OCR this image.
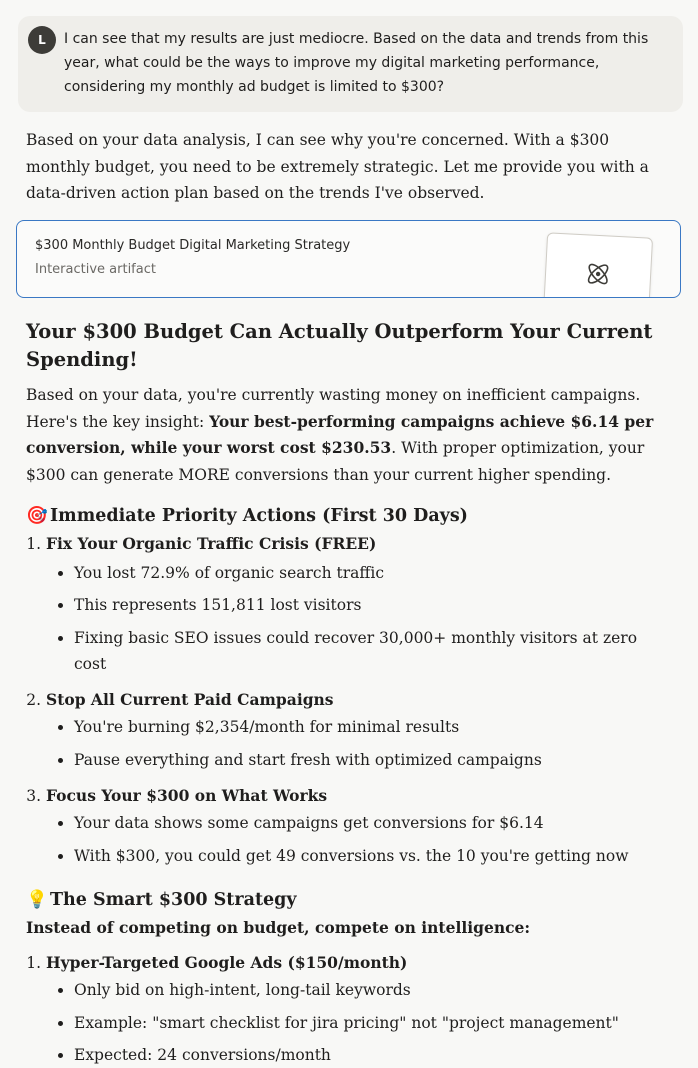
L	I can see that my results are just mediocre. Based on the data and trends from this
year, what could be the ways to improve my digital marketing performance,
considering my monthly ad budget is limited to $300?

Based on your data analysis, I can see why you're concerned. With a $300 monthly budget, you need to be extremely strategic. Let me provide you with a data-driven action plan based on the trends I've observed.

$300 Monthly Budget Digital Marketing Strategy
Interactive artifact
Your $300 Budget Can Actually Outperform Your Current Spending!

Based on your data, you're currently wasting money on inefficient campaigns. Here's the key insight: Your best-performing campaigns achieve $6.14 per conversion, while your worst cost $230.53. With proper optimization, your $300 can generate MORE conversions than your current higher spending.

🎯 Immediate Priority Actions (First 30 Days)
1. Fix Your Organic Traffic Crisis (FREE)
• You lost 72.9% of organic search traffic
• This represents 151,811 lost visitors
• Fixing basic SEO issues could recover 30,000+ monthly visitors at zero cost
2. Stop All Current Paid Campaigns
• You're burning $2,354/month for minimal results
• Pause everything and start fresh with optimized campaigns
3. Focus Your $300 on What Works
• Your data shows some campaigns get conversions for $6.14
• With $300, you could get 49 conversions vs. the 10 you're getting now
💡 The Smart $300 Strategy

Instead of competing on budget, compete on intelligence:

1. Hyper-Targeted Google Ads ($150/month)
• Only bid on high-intent, long-tail keywords
• Example: "smart checklist for jira pricing" not "project management"
• Expected: 24 conversions/month
